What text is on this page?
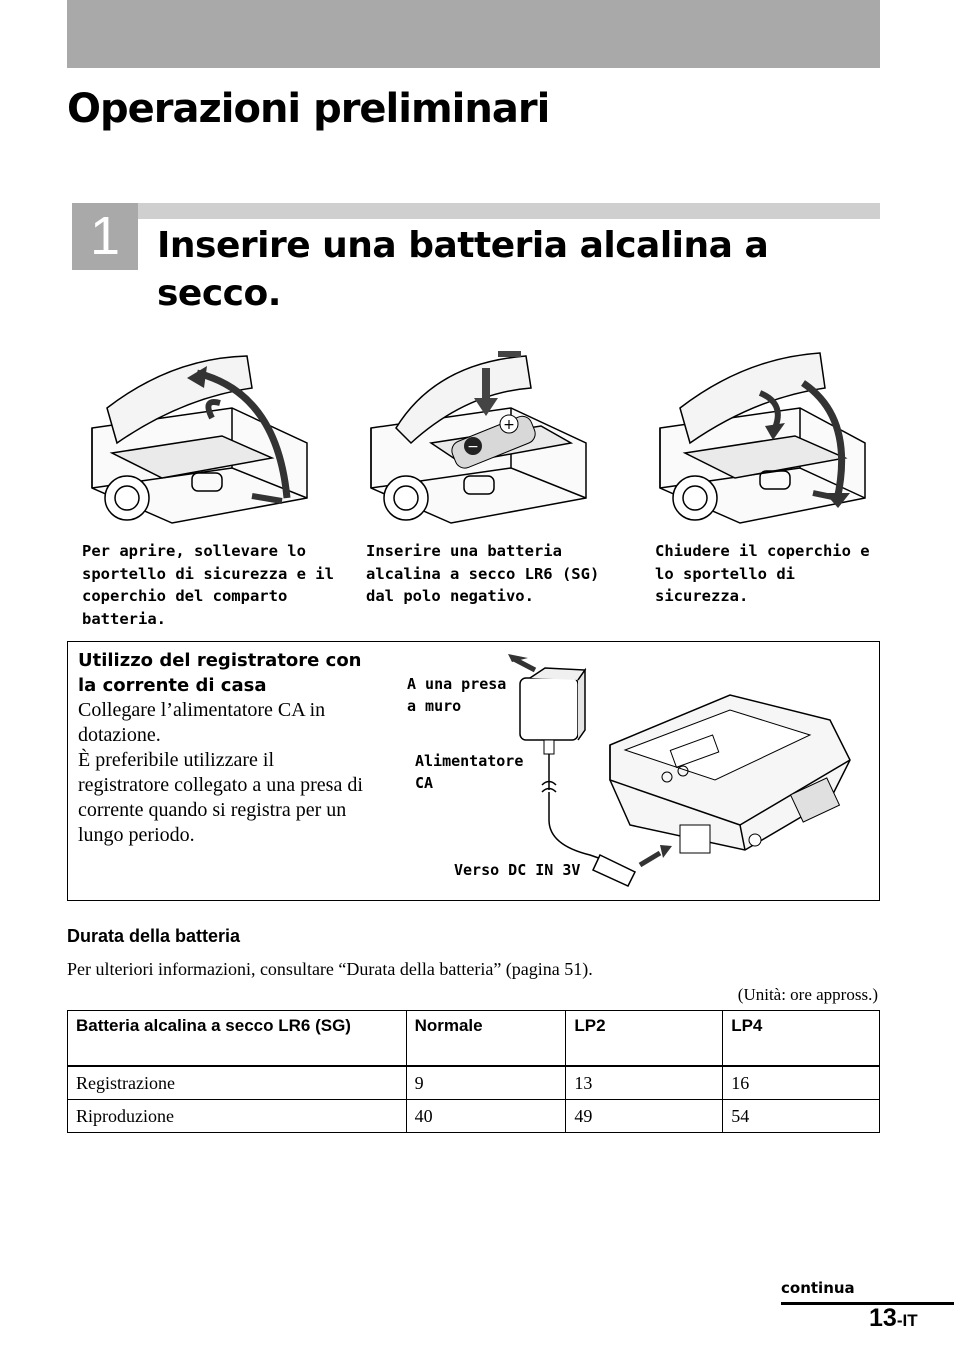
Operazioni preliminari
1	Inserire una batteria alcalina a secco.
Per aprire, sollevare lo sportello di sicurezza e il coperchio del comparto batteria.
−
+
Inserire una batteria alcalina a secco LR6 (SG) dal polo negativo.
Chiudere il coperchio e lo sportello di sicurezza.
Utilizzo del registratore con la corrente di casa
Collegare l’alimentatore CA in dotazione.
È preferibile utilizzare il registratore collegato a una presa di corrente quando si registra per un lungo periodo.
A una presa a muro
Alimentatore CA
Verso DC IN 3V
Durata della batteria
Per ulteriori informazioni, consultare “Durata della batteria” (pagina 51).
(Unità: ore appross.)
Batteria alcalina a secco LR6 (SG)	Normale	LP2	LP4
Registrazione	9	13	16
Riproduzione	40	49	54
continua
13-IT
